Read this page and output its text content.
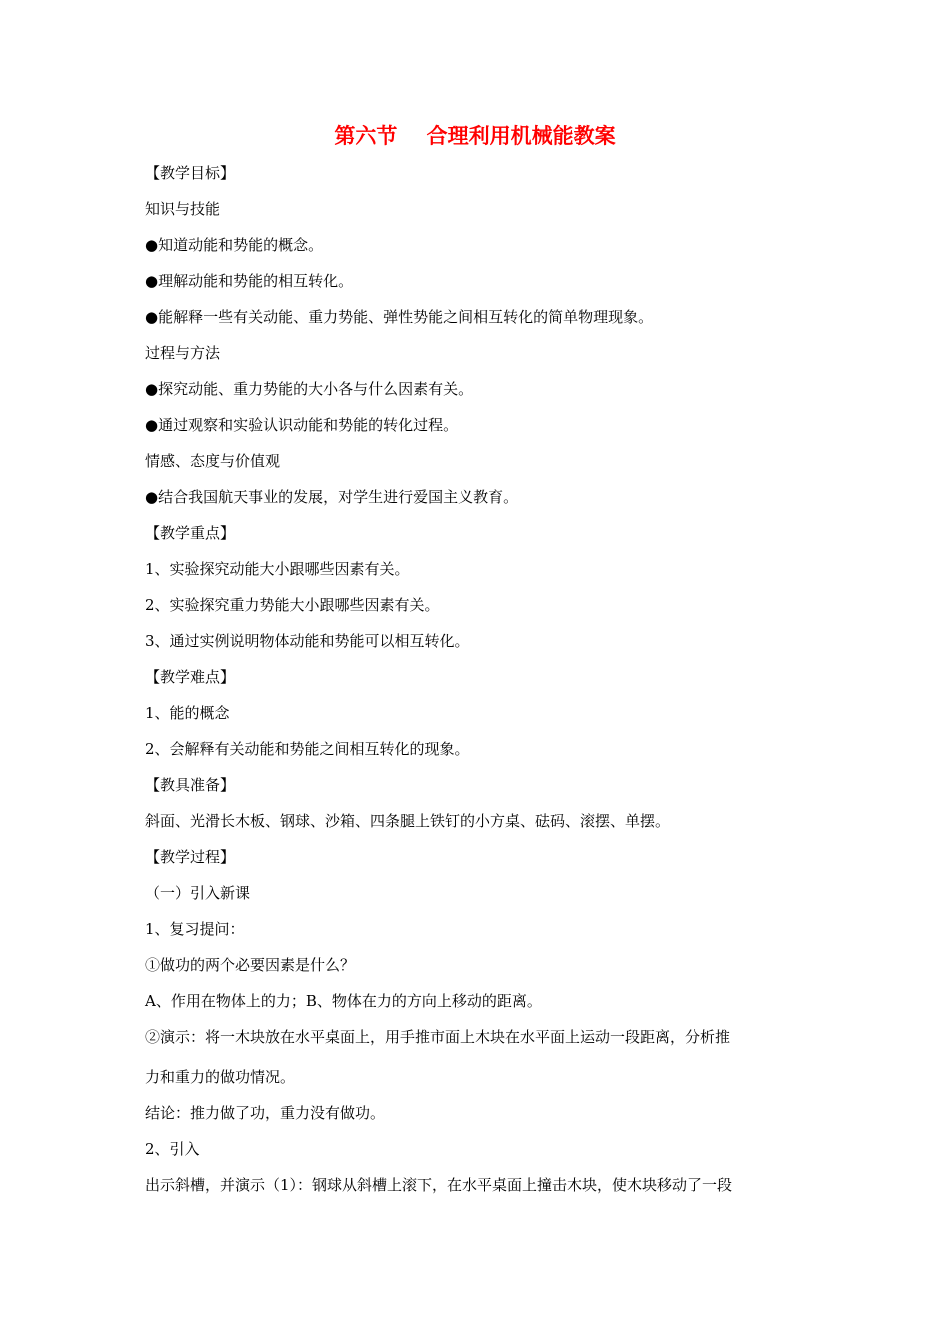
第六节    合理利用机械能教案
【教学目标】
知识与技能
●知道动能和势能的概念。
●理解动能和势能的相互转化。
●能解释一些有关动能、重力势能、弹性势能之间相互转化的简单物理现象。
过程与方法
●探究动能、重力势能的大小各与什么因素有关。
●通过观察和实验认识动能和势能的转化过程。
情感、态度与价值观
●结合我国航天事业的发展，对学生进行爱国主义教育。
【教学重点】
1、实验探究动能大小跟哪些因素有关。
2、实验探究重力势能大小跟哪些因素有关。
3、通过实例说明物体动能和势能可以相互转化。
【教学难点】
1、能的概念
2、会解释有关动能和势能之间相互转化的现象。
【教具准备】
斜面、光滑长木板、钢球、沙箱、四条腿上铁钉的小方桌、砝码、滚摆、单摆。
【教学过程】
（一）引入新课
1、复习提问：
①做功的两个必要因素是什么？
A、作用在物体上的力；B、物体在力的方向上移动的距离。
②演示：将一木块放在水平桌面上，用手推市面上木块在水平面上运动一段距离，分析推
力和重力的做功情况。
结论：推力做了功，重力没有做功。
2、引入
出示斜槽，并演示（1）：钢球从斜槽上滚下，在水平桌面上撞击木块，使木块移动了一段
